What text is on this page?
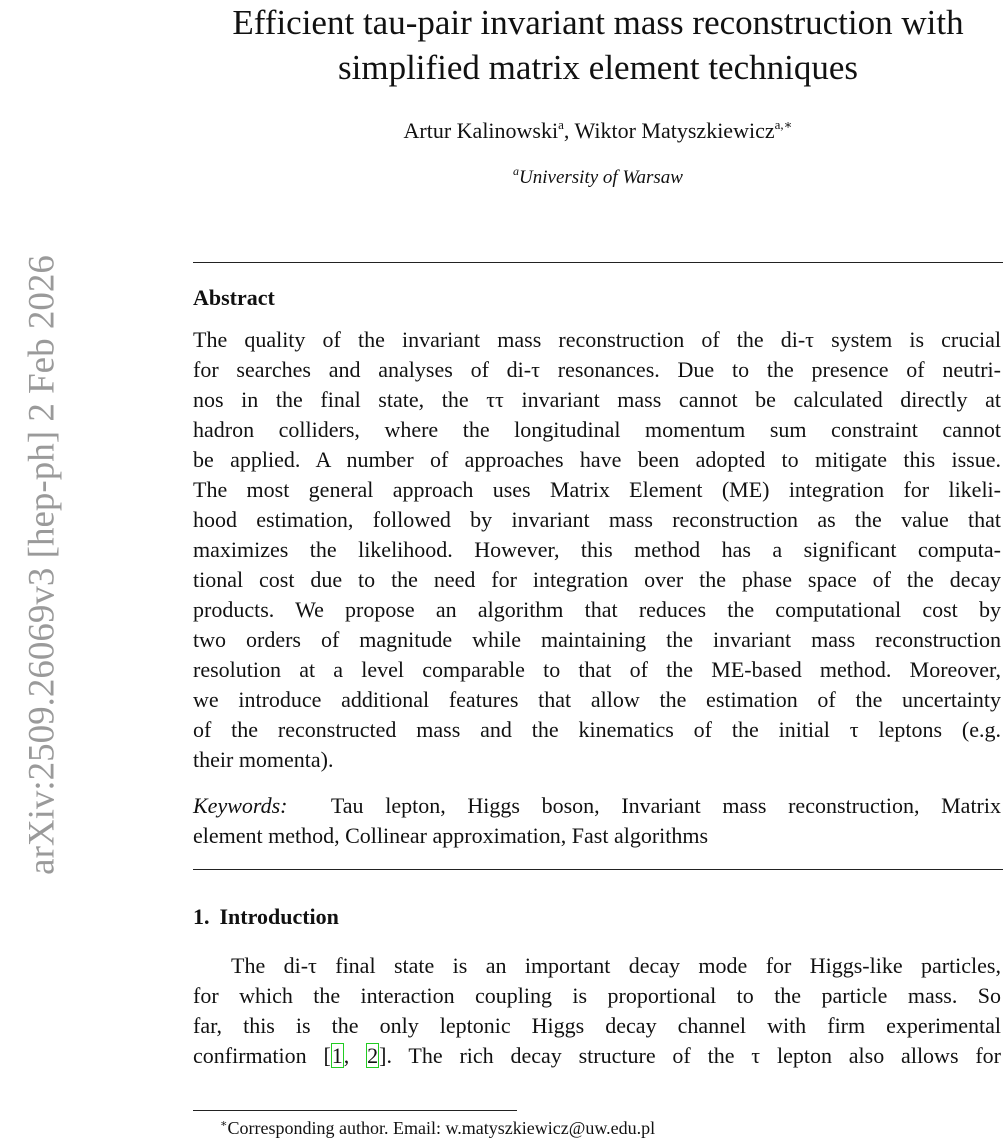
arXiv:2509.26069v3 [hep-ph] 2 Feb 2026
Efficient tau-pair invariant mass reconstruction with
simplified matrix element techniques
Artur Kalinowski$^a$, Wiktor Matyszkiewicz$^{a,∗}$
$^a$University of Warsaw
Abstract
The quality of the invariant mass reconstruction of the di-τ system is crucial
for searches and analyses of di-τ resonances. Due to the presence of neutri-
nos in the final state, the ττ invariant mass cannot be calculated directly at
hadron colliders, where the longitudinal momentum sum constraint cannot
be applied. A number of approaches have been adopted to mitigate this issue.
The most general approach uses Matrix Element (ME) integration for likeli-
hood estimation, followed by invariant mass reconstruction as the value that
maximizes the likelihood. However, this method has a significant computa-
tional cost due to the need for integration over the phase space of the decay
products. We propose an algorithm that reduces the computational cost by
two orders of magnitude while maintaining the invariant mass reconstruction
resolution at a level comparable to that of the ME-based method. Moreover,
we introduce additional features that allow the estimation of the uncertainty
of the reconstructed mass and the kinematics of the initial τ leptons (e.g.
their momenta).
Keywords: Tau lepton, Higgs boson, Invariant mass reconstruction, Matrix
element method, Collinear approximation, Fast algorithms
1. Introduction
The di-τ final state is an important decay mode for Higgs-like particles,
for which the interaction coupling is proportional to the particle mass. So
far, this is the only leptonic Higgs decay channel with firm experimental
confirmation [1, 2]. The rich decay structure of the τ lepton also allows for
∗Corresponding author. Email: w.matyszkiewicz@uw.edu.pl
